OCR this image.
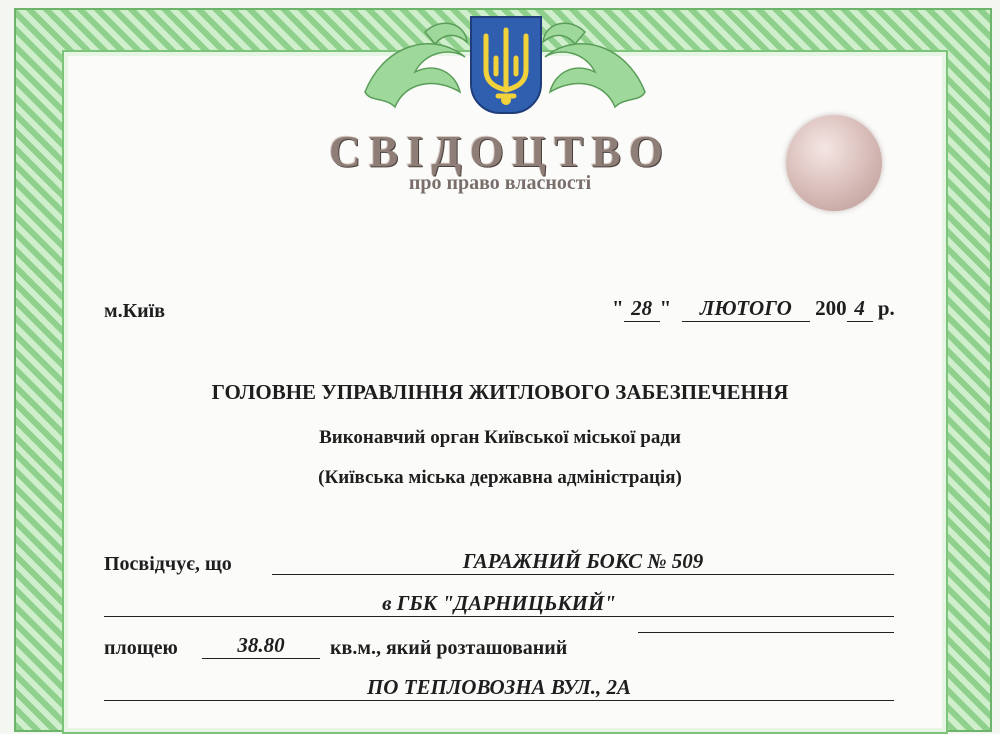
СВІДОЦТВО
про право власності
м.Київ	" 28 " ЛЮТОГО 200 4 р.
ГОЛОВНЕ УПРАВЛІННЯ ЖИТЛОВОГО ЗАБЕЗПЕЧЕННЯ
Виконавчий орган Київської міської ради
(Київська міська державна адміністрація)
Посвідчує, що	ГАРАЖНИЙ БОКС № 509
в ГБК "ДАРНИЦЬКИЙ"
площею	38.80	кв.м., який розташований
ПО ТЕПЛОВОЗНА ВУЛ., 2А
